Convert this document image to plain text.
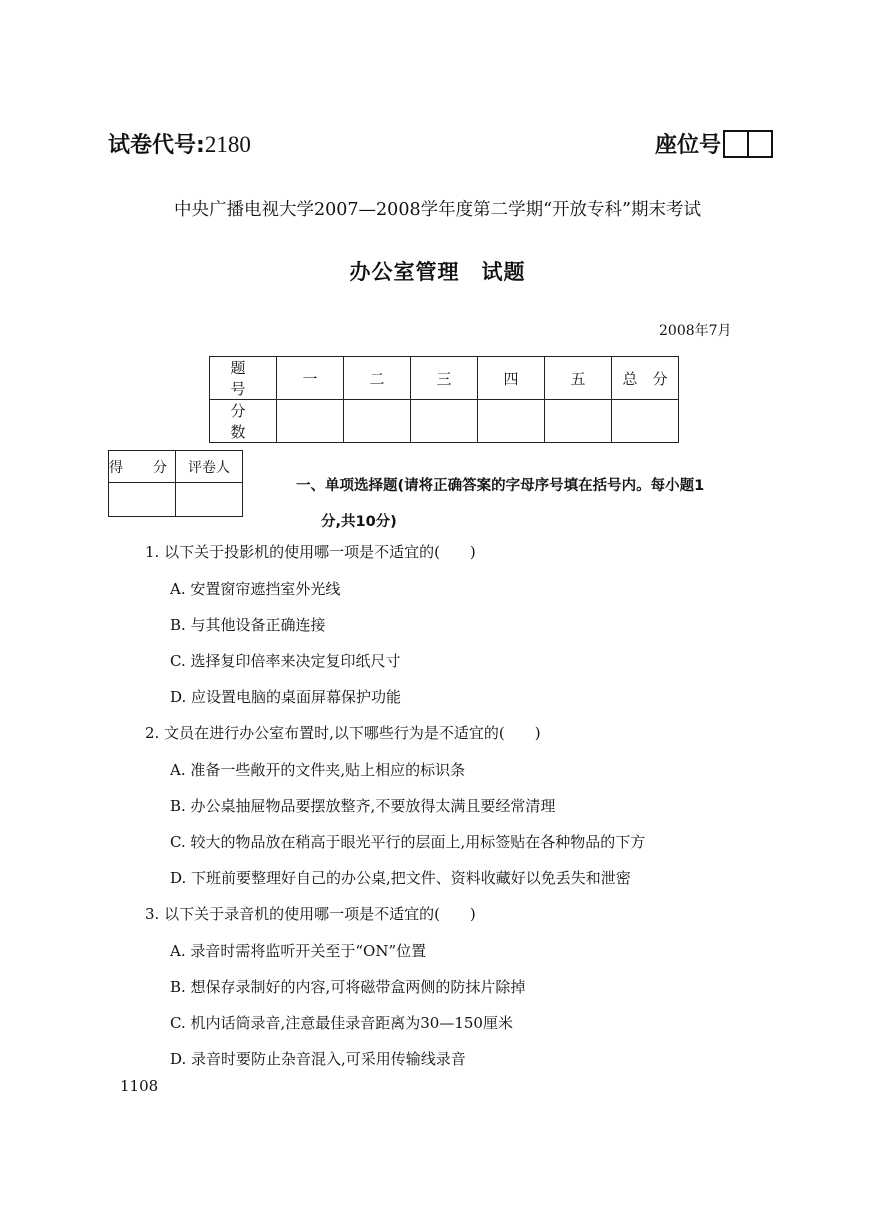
试卷代号:2180	座位号
中央广播电视大学2007—2008学年度第二学期“开放专科”期末考试
办公室管理　试题
2008年7月
题　号	一	二	三	四	五	总　分
分　数						
得　分	评卷人

一、单项选择题(请将正确答案的字母序号填在括号内。每小题1
分,共10分)
1. 以下关于投影机的使用哪一项是不适宜的(　　)
A. 安置窗帘遮挡室外光线
B. 与其他设备正确连接
C. 选择复印倍率来决定复印纸尺寸
D. 应设置电脑的桌面屏幕保护功能
2. 文员在进行办公室布置时,以下哪些行为是不适宜的(　　)
A. 准备一些敞开的文件夹,贴上相应的标识条
B. 办公桌抽屉物品要摆放整齐,不要放得太满且要经常清理
C. 较大的物品放在稍高于眼光平行的层面上,用标签贴在各种物品的下方
D. 下班前要整理好自己的办公桌,把文件、资料收藏好以免丢失和泄密
3. 以下关于录音机的使用哪一项是不适宜的(　　)
A. 录音时需将监听开关至于“ON”位置
B. 想保存录制好的内容,可将磁带盒两侧的防抹片除掉
C. 机内话筒录音,注意最佳录音距离为30—150厘米
D. 录音时要防止杂音混入,可采用传输线录音
1108
